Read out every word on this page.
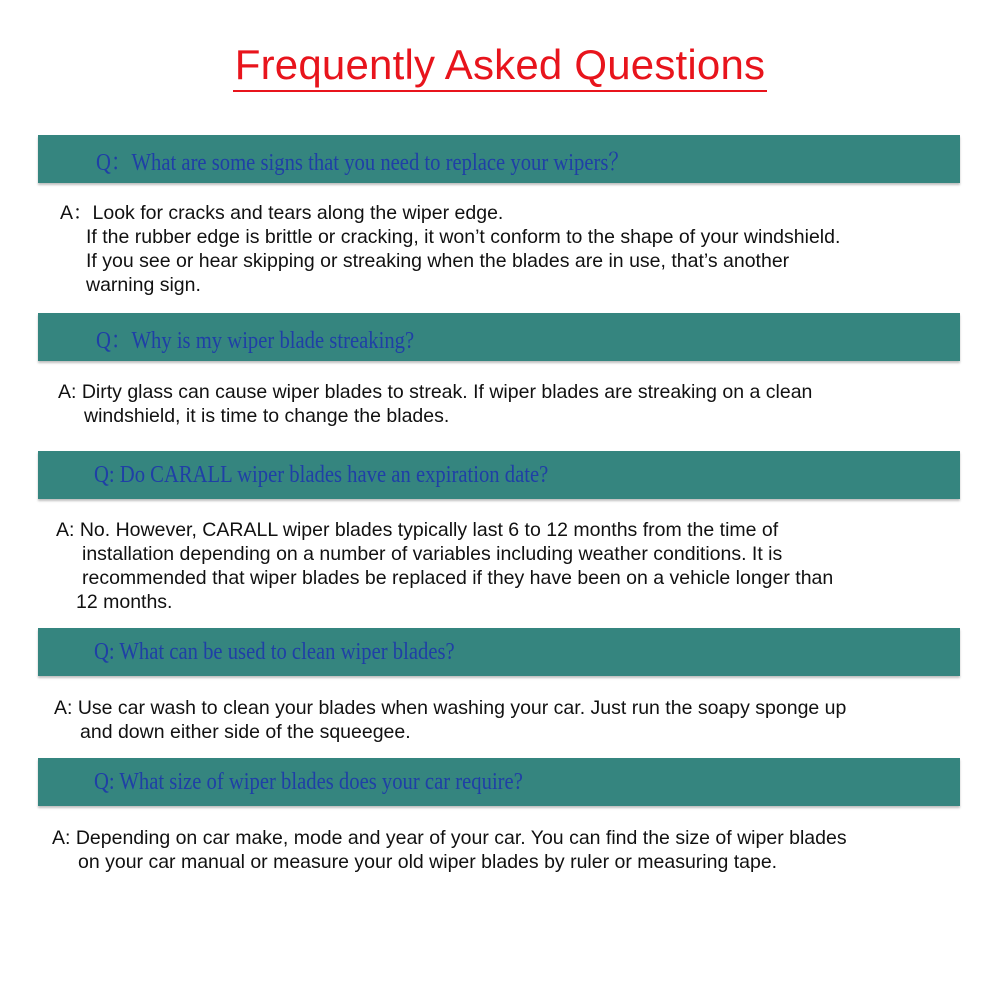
Frequently Asked Questions
Q：What are some signs that you need to replace your wipers？
A：Look for cracks and tears along the wiper edge.
If the rubber edge is brittle or cracking, it won’t conform to the shape of your windshield.
If you see or hear skipping or streaking when the blades are in use, that’s another
warning sign.
Q：Why is my wiper blade streaking?
A: Dirty glass can cause wiper blades to streak. If wiper blades are streaking on a clean
windshield, it is time to change the blades.
Q: Do CARALL wiper blades have an expiration date?
A: No. However, CARALL wiper blades typically last 6 to 12 months from the time of
installation depending on a number of variables including weather conditions. It is
recommended that wiper blades be replaced if they have been on a vehicle longer than
12 months.
Q: What can be used to clean wiper blades?
A: Use car wash to clean your blades when washing your car. Just run the soapy sponge up
and down either side of the squeegee.
Q: What size of wiper blades does your car require?
A: Depending on car make, mode and year of your car. You can find the size of wiper blades
on your car manual or measure your old wiper blades by ruler or measuring tape.
